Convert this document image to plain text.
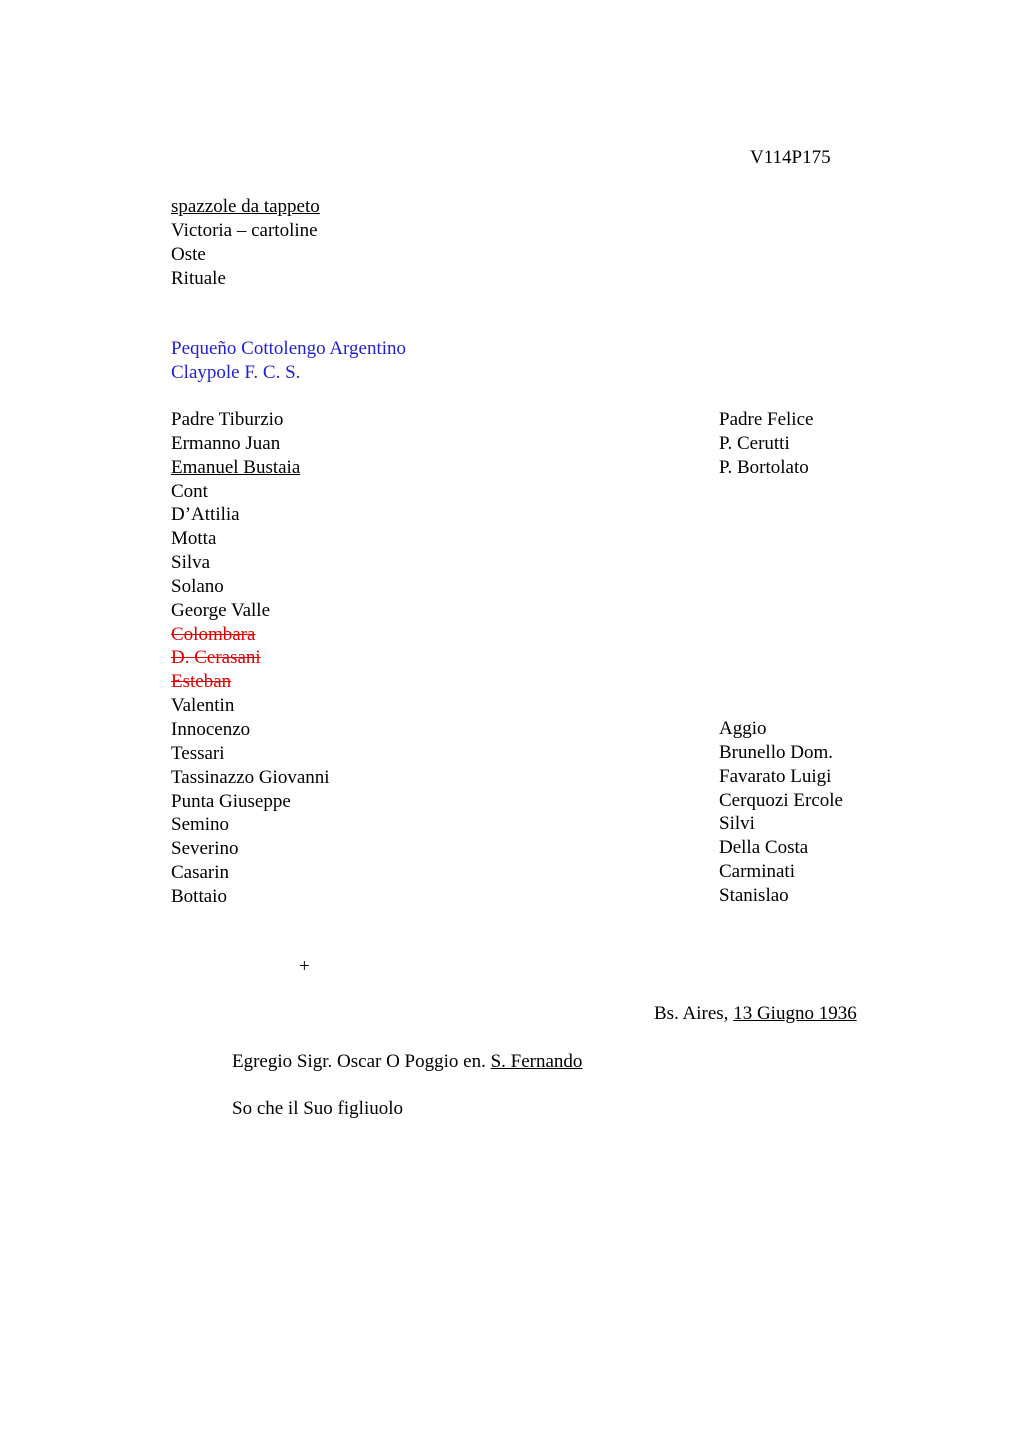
V114P175
spazzole da tappeto
Victoria – cartoline
Oste
Rituale
Pequeño Cottolengo Argentino
Claypole F. C. S.
Padre Tiburzio
Ermanno Juan
Emanuel Bustaia
Cont
D’Attilia
Motta
Silva
Solano
George Valle
Colombara
D. Cerasani
Esteban
Valentin
Innocenzo
Tessari
Tassinazzo Giovanni
Punta Giuseppe
Semino
Severino
Casarin
Bottaio
Padre Felice
P. Cerutti
P. Bortolato
Aggio
Brunello Dom.
Favarato Luigi
Cerquozi Ercole
Silvi
Della Costa
Carminati
Stanislao
+
Bs. Aires, 13 Giugno 1936
Egregio Sigr. Oscar O Poggio en. S. Fernando
So che il Suo figliuolo
